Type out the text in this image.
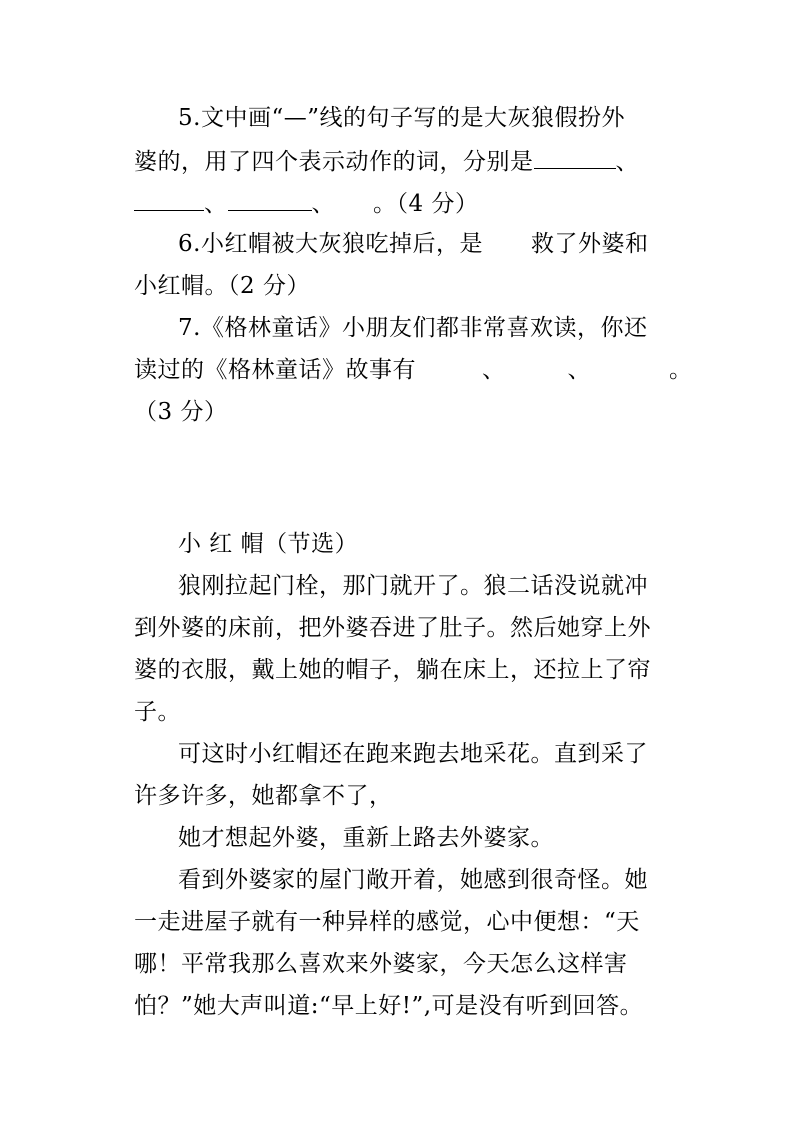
5.文中画“—”线的句子写的是大灰狼假扮外
婆的，用了四个表示动作的词，分别是	、
、	、 。（4 分）
6.小红帽被大灰狼吃掉后，是 救了外婆和
小红帽。（2 分）
7.《格林童话》小朋友们都非常喜欢读，你还
读过的《格林童话》故事有	、	、	。
（3 分）
小 红 帽（节选）
狼刚拉起门栓，那门就开了。狼二话没说就冲
到外婆的床前，把外婆吞进了肚子。然后她穿上外
婆的衣服，戴上她的帽子，躺在床上，还拉上了帘
子。
可这时小红帽还在跑来跑去地采花。直到采了
许多许多，她都拿不了，
她才想起外婆，重新上路去外婆家。
看到外婆家的屋门敞开着，她感到很奇怪。她
一走进屋子就有一种异样的感觉，心中便想：“天
哪！平常我那么喜欢来外婆家，今天怎么这样害
怕？”她大声叫道:“早上好!”,可是没有听到回答。
